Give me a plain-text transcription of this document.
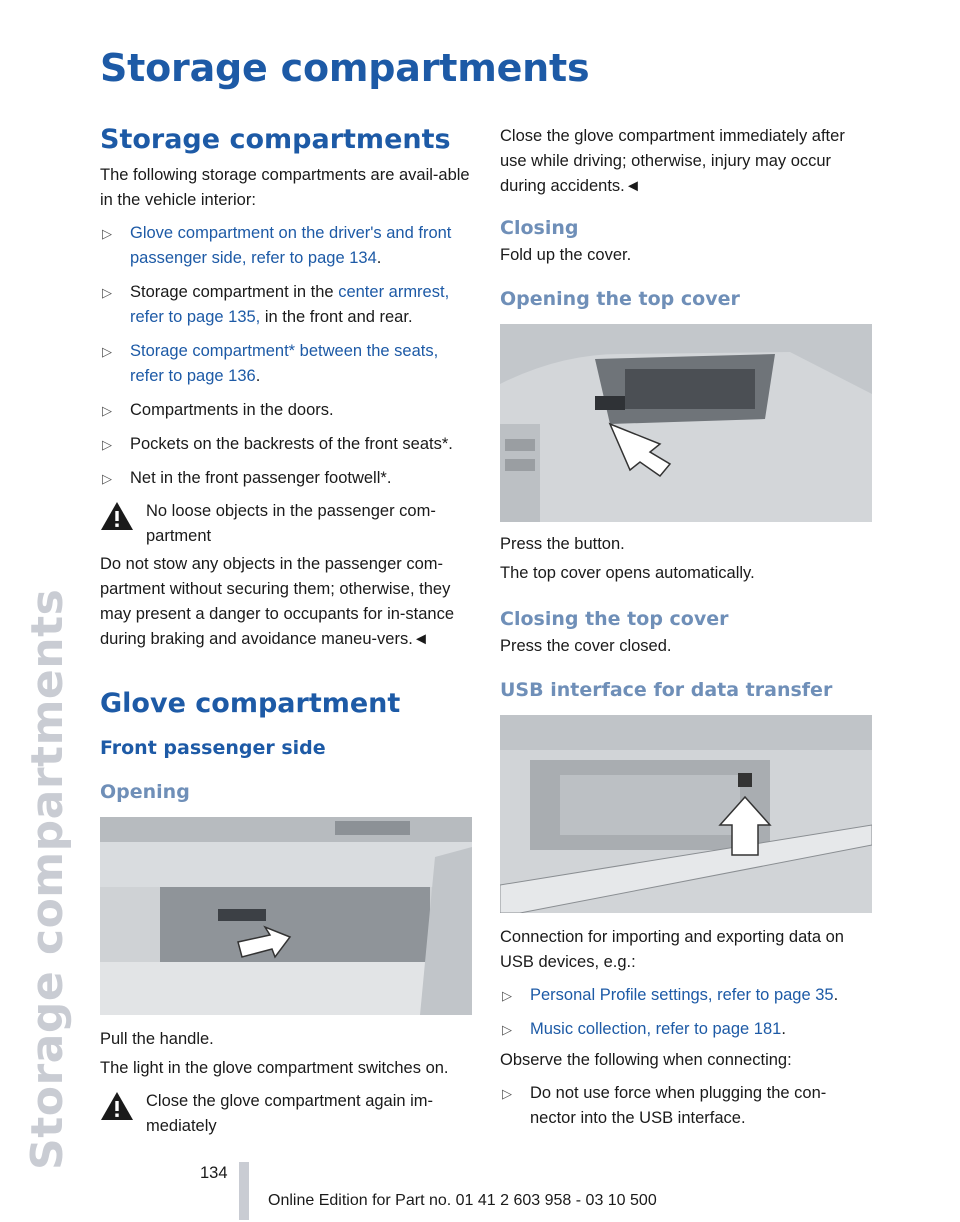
Storage compartments
Storage compartments
Storage compartments

The following storage compartments are avail-able in the vehicle interior:

▷ Glove compartment on the driver's and front passenger side, refer to page 134.
▷ Storage compartment in the center armrest, refer to page 135, in the front and rear.
▷ Storage compartment* between the seats, refer to page 136.
▷ Compartments in the doors.
▷ Pockets on the backrests of the front seats*.
▷ Net in the front passenger footwell*.
No loose objects in the passenger com-partment

Do not stow any objects in the passenger com-partment without securing them; otherwise, they may present a danger to occupants for in-stance during braking and avoidance maneu-vers.◄

Glove compartment
Front passenger side
Opening

Pull the handle.

The light in the glove compartment switches on.

Close the glove compartment again im-mediately

Close the glove compartment immediately after use while driving; otherwise, injury may occur during accidents.◄

Closing

Fold up the cover.

Opening the top cover

Press the button.

The top cover opens automatically.

Closing the top cover

Press the cover closed.

USB interface for data transfer

Connection for importing and exporting data on USB devices, e.g.:

▷ Personal Profile settings, refer to page 35.
▷ Music collection, refer to page 181.

Observe the following when connecting:

▷ Do not use force when plugging the con-nector into the USB interface.
134
Online Edition for Part no. 01 41 2 603 958 - 03 10 500
